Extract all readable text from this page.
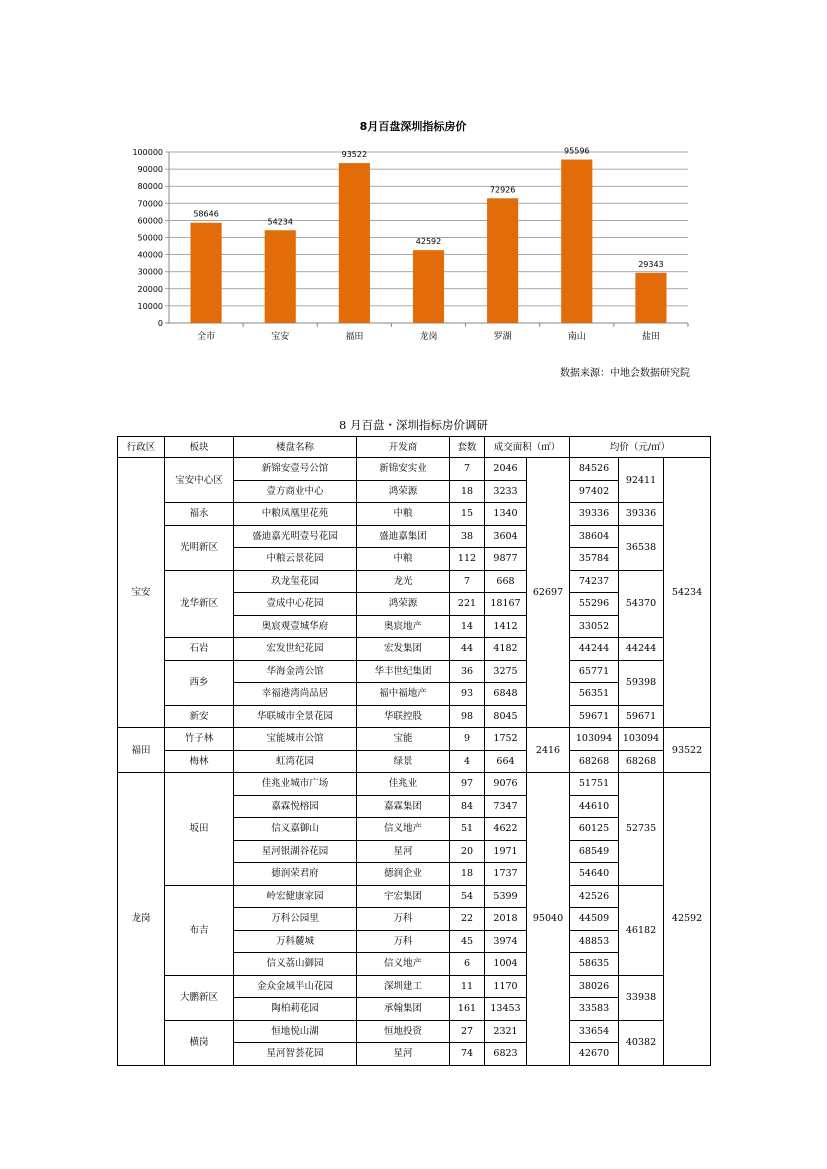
8月百盘深圳指标房价
0
10000
20000
30000
40000
50000
60000
70000
80000
90000
100000
58646
54234
93522
42592
72926
95596
29343
全市	宝安	福田	龙岗	罗湖	南山	盐田
数据来源：中地会数据研究院
8 月百盘・深圳指标房价调研
行政区	板块	楼盘名称	开发商	套数	成交面积（㎡）		均价（元/㎡）		
宝安	宝安中心区	新锦安壹号公馆	新锦安实业	7	2046	62697	84526	92411	54234
		壹方商业中心	鸿荣源	18	3233		97402		
	福永	中粮凤凰里花苑	中粮	15	1340		39336	39336	
	光明新区	盛迪嘉光明壹号花园	盛迪嘉集团	38	3604		38604	36538	
		中粮云景花园	中粮	112	9877		35784		
	龙华新区	玖龙玺花园	龙光	7	668		74237	54370	
		壹成中心花园	鸿荣源	221	18167		55296		
		奥宸观壹城华府	奥宸地产	14	1412		33052		
	石岩	宏发世纪花园	宏发集团	44	4182		44244	44244	
	西乡	华海金湾公馆	华丰世纪集团	36	3275		65771	59398	
		幸福港湾尚品居	福中福地产	93	6848		56351		
	新安	华联城市全景花园	华联控股	98	8045		59671	59671	
福田	竹子林	宝能城市公馆	宝能	9	1752	2416	103094	103094	93522
	梅林	虹湾花园	绿景	4	664		68268	68268	
龙岗	坂田	佳兆业城市广场	佳兆业	97	9076	95040	51751	52735	42592
		嘉霖悦榕园	嘉霖集团	84	7347		44610		
		信义嘉御山	信义地产	51	4622		60125		
		星河银湖谷花园	星河	20	1971		68549		
		德润荣君府	德润企业	18	1737		54640		
	布吉	岭宏健康家园	宇宏集团	54	5399		42526	46182	
		万科公园里	万科	22	2018		44509		
		万科麓城	万科	45	3974		48853		
		信义荔山御园	信义地产	6	1004		58635		
	大鹏新区	金众金域半山花园	深圳建工	11	1170		38026	33938	
		陶柏莉花园	承翰集团	161	13453		33583		
	横岗	恒地悦山湖	恒地投资	27	2321		33654	40382	
		星河智荟花园	星河	74	6823		42670		
